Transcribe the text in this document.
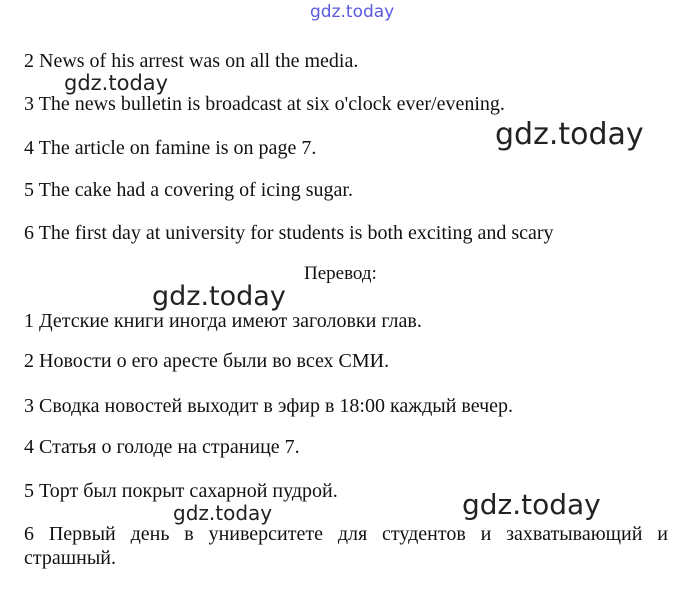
gdz.today
2 News of his arrest was on all the media.
gdz.today
3 The news bulletin is broadcast at six o'clock ever/evening.
gdz.today
4 The article on famine is on page 7.
5 The cake had a covering of icing sugar.
6 The first day at university for students is both exciting and scary
Перевод:
gdz.today
1 Детские книги иногда имеют заголовки глав.
2 Новости о его аресте были во всех СМИ.
3 Сводка новостей выходит в эфир в 18:00 каждый вечер.
4 Статья о голоде на странице 7.
5 Торт был покрыт сахарной пудрой.	gdz.today
gdz.today
6 Первый день в университете для студентов и захватывающий и страшный.
